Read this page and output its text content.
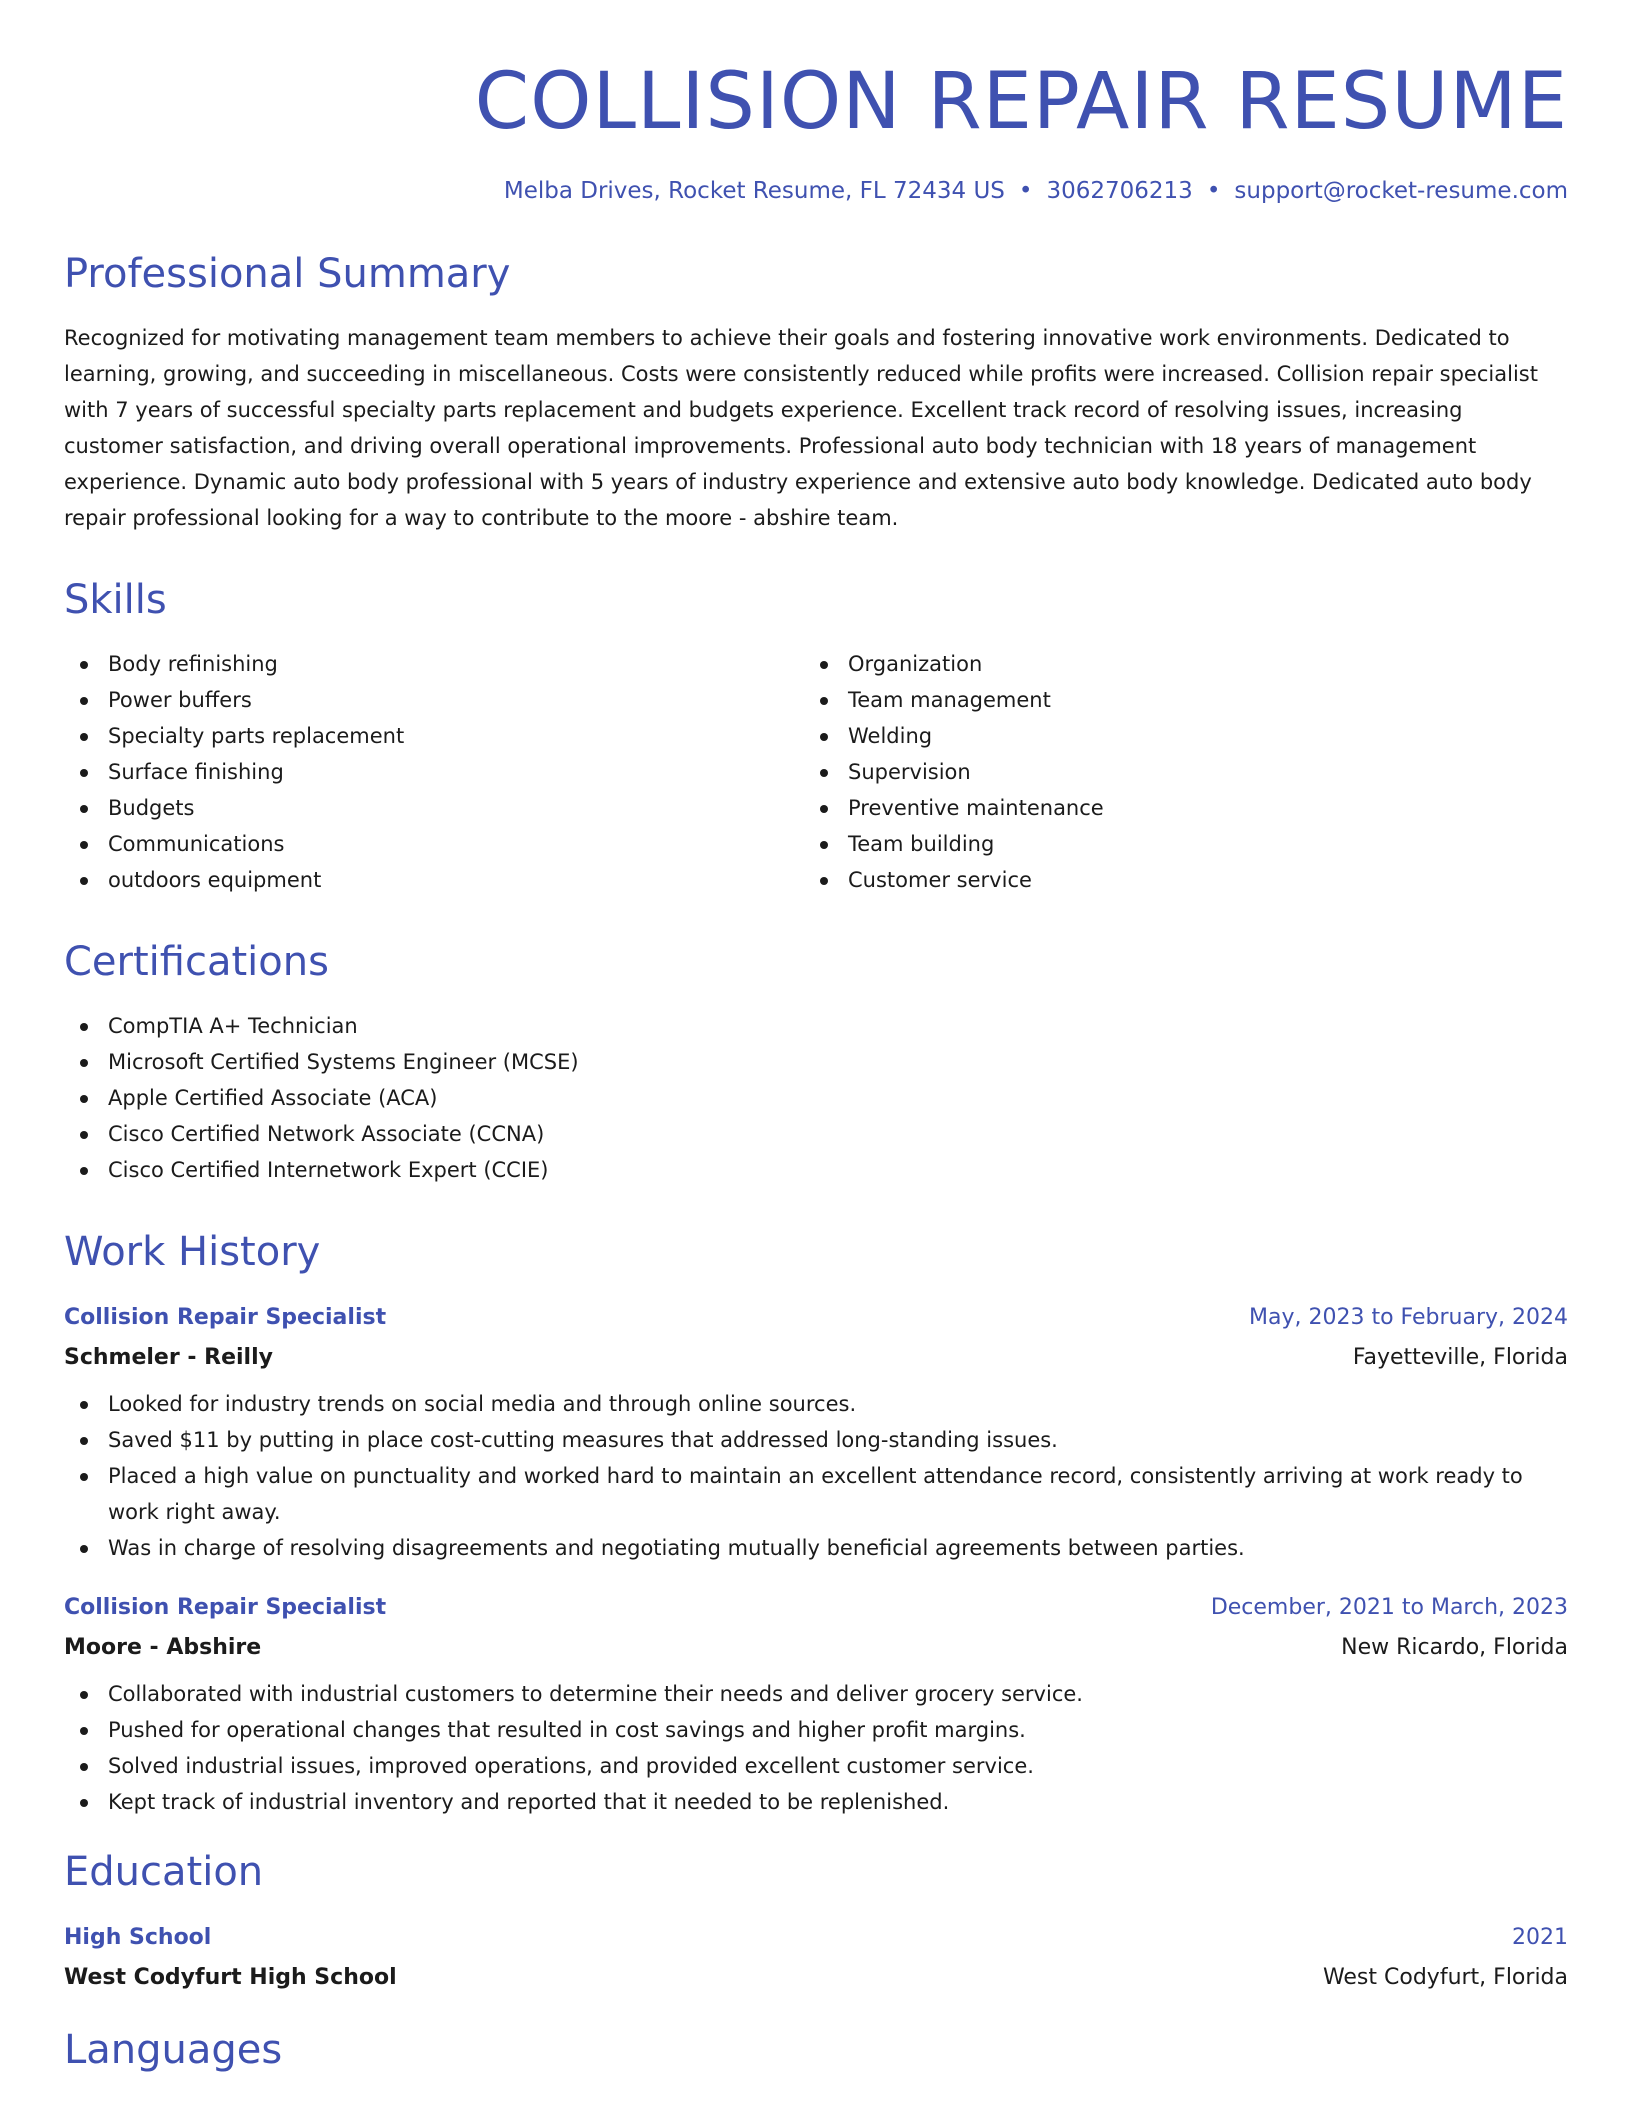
COLLISION REPAIR RESUME
Melba Drives, Rocket Resume, FL 72434 US • 3062706213 • support@rocket-resume.com
Professional Summary

Recognized for motivating management team members to achieve their goals and fostering innovative work environments. Dedicated to learning, growing, and succeeding in miscellaneous. Costs were consistently reduced while profits were increased. Collision repair specialist with 7 years of successful specialty parts replacement and budgets experience. Excellent track record of resolving issues, increasing customer satisfaction, and driving overall operational improvements. Professional auto body technician with 18 years of management experience. Dynamic auto body professional with 5 years of industry experience and extensive auto body knowledge. Dedicated auto body repair professional looking for a way to contribute to the moore - abshire team.

Skills
Body refinishing
Power buffers
Specialty parts replacement
Surface finishing
Budgets
Communications
outdoors equipment
Organization
Team management
Welding
Supervision
Preventive maintenance
Team building
Customer service
Certifications
CompTIA A+ Technician
Microsoft Certified Systems Engineer (MCSE)
Apple Certified Associate (ACA)
Cisco Certified Network Associate (CCNA)
Cisco Certified Internetwork Expert (CCIE)
Work History
Collision Repair Specialist	May, 2023 to February, 2024
Schmeler - Reilly	Fayetteville, Florida
Looked for industry trends on social media and through online sources.
Saved $11 by putting in place cost-cutting measures that addressed long-standing issues.
Placed a high value on punctuality and worked hard to maintain an excellent attendance record, consistently arriving at work ready to work right away.
Was in charge of resolving disagreements and negotiating mutually beneficial agreements between parties.
Collision Repair Specialist	December, 2021 to March, 2023
Moore - Abshire	New Ricardo, Florida
Collaborated with industrial customers to determine their needs and deliver grocery service.
Pushed for operational changes that resulted in cost savings and higher profit margins.
Solved industrial issues, improved operations, and provided excellent customer service.
Kept track of industrial inventory and reported that it needed to be replenished.
Education
High School	2021
West Codyfurt High School	West Codyfurt, Florida
Languages
